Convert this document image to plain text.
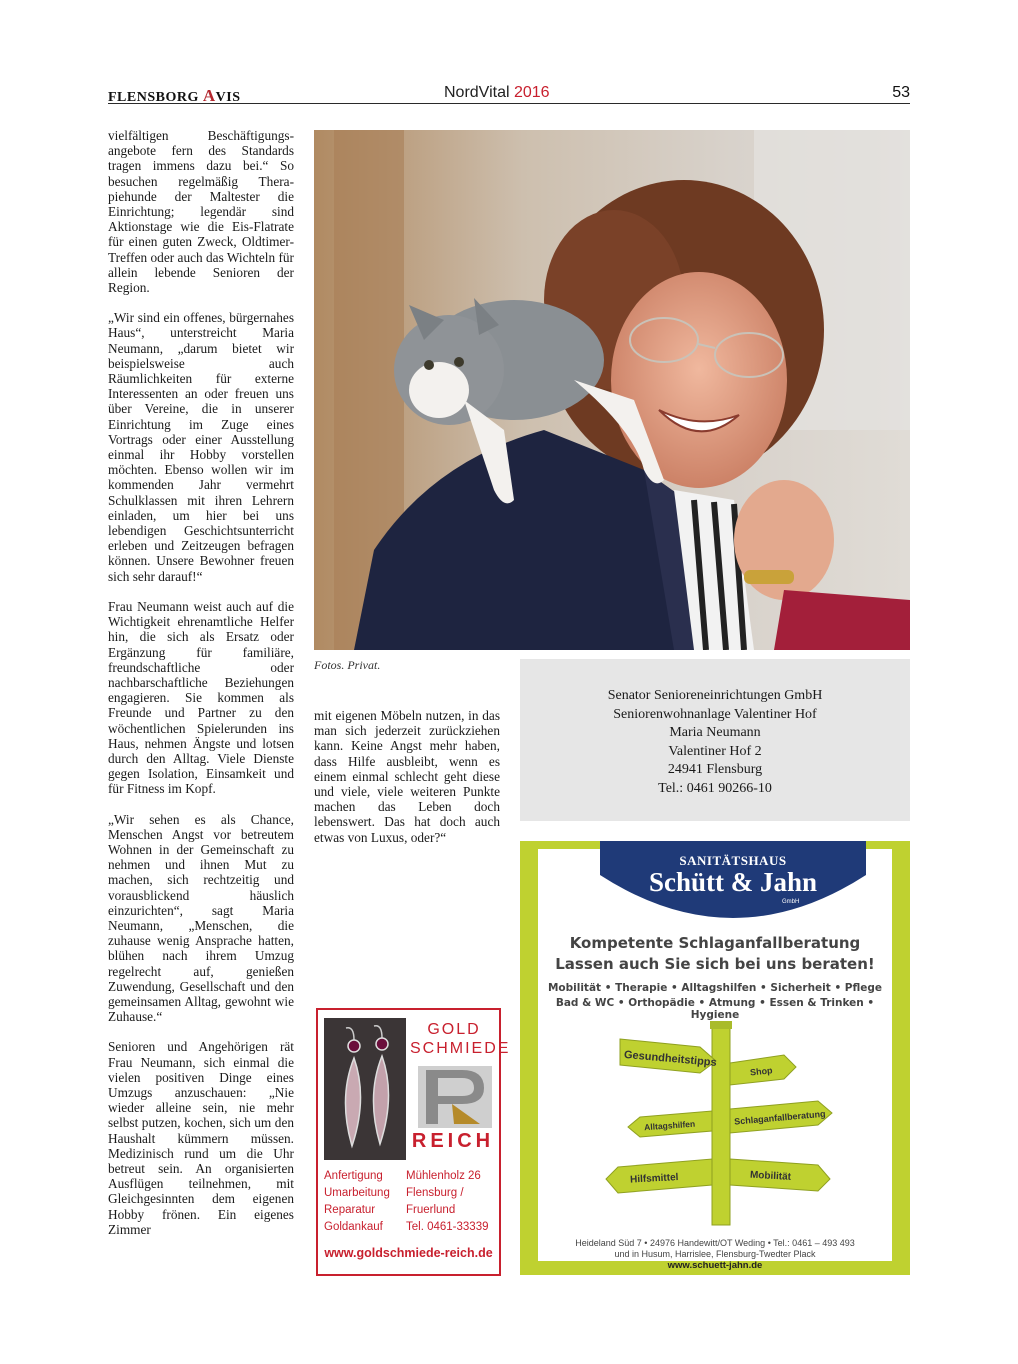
FLENSBORG AVIS	NordVital 2016	53

vielfältigen Beschäftigungsangebote fern des Standards tragen immens dazu bei.“ So besuchen regelmäßig Therapiehunde der Maltester die Einrichtung; legendär sind Aktionstage wie die Eis-Flatrate für einen guten Zweck, Oldtimer-Treffen oder auch das Wichteln für allein lebende Senioren der Region.

„Wir sind ein offenes, bürgernahes Haus“, unterstreicht Maria Neumann, „darum bietet wir beispielsweise auch Räumlichkeiten für externe Interessenten an oder freuen uns über Vereine, die in unserer Einrichtung im Zuge eines Vortrags oder einer Ausstellung einmal ihr Hobby vorstellen möchten. Ebenso wollen wir im kommenden Jahr vermehrt Schulklassen mit ihren Lehrern einladen, um hier bei uns lebendigen Geschichtsunterricht erleben und Zeitzeugen befragen können. Unsere Bewohner freuen sich sehr darauf!“

Frau Neumann weist auch auf die Wichtigkeit ehrenamtliche Helfer hin, die sich als Ersatz oder Ergänzung für familiäre, freundschaftliche oder nachbarschaftliche Beziehungen engagieren. Sie kommen als Freunde und Partner zu den wöchentlichen Spielerunden ins Haus, nehmen Ängste und lotsen durch den Alltag. Viele Dienste gegen Isolation, Einsamkeit und für Fitness im Kopf.

„Wir sehen es als Chance, Menschen Angst vor betreutem Wohnen in der Gemeinschaft zu nehmen und ihnen Mut zu machen, sich rechtzeitig und vorausblickend häuslich einzurichten“, sagt Maria Neumann, „Menschen, die zuhause wenig Ansprache hatten, blühen nach ihrem Umzug regelrecht auf, genießen Zuwendung, Gesellschaft und den gemeinsamen Alltag, gewohnt wie Zuhause.“

Senioren und Angehörigen rät Frau Neumann, sich einmal die vielen positiven Dinge eines Umzugs anzuschauen: „Nie wieder alleine sein, nie mehr selbst putzen, kochen, sich um den Haushalt kümmern müssen. Medizinisch rund um die Uhr betreut sein. An organisierten Ausflügen teilnehmen, mit Gleichgesinnten dem eigenen Hobby frönen. Ein eigenes Zimmer

Fotos. Privat.
Senator Senioreneinrichtungen GmbH
Seniorenwohnanlage Valentiner Hof
Maria Neumann
Valentiner Hof 2
24941 Flensburg
Tel.: 0461 90266-10

mit eigenen Möbeln nutzen, in das man sich jederzeit zurückziehen kann. Keine Angst mehr haben, dass Hilfe ausbleibt, wenn es einem einmal schlecht geht diese und viele, viele weiteren Punkte machen das Leben doch lebenswert. Das hat doch auch etwas von Luxus, oder?“

GOLD
SCHMIEDE
REICH
Anfertigung
Umarbeitung
Reparatur
Goldankauf
Mühlenholz 26
Flensburg /
Fruerlund
Tel. 0461-33339
www.goldschmiede-reich.de
SANITÄTSHAUS
Schütt & Jahn
GmbH
Kompetente Schlaganfallberatung
Lassen auch Sie sich bei uns beraten!
Mobilität • Therapie • Alltagshilfen • Sicherheit • Pflege
Bad & WC • Orthopädie • Atmung • Essen & Trinken • Hygiene
Gesundheitstipps
Shop
Alltagshilfen	Schlaganfallberatung
Hilfsmittel	Mobilität
Heideland Süd 7 • 24976 Handewitt/OT Weding • Tel.: 0461 – 493 493
und in Husum, Harrislee, Flensburg-Twedter Plack
www.schuett-jahn.de
